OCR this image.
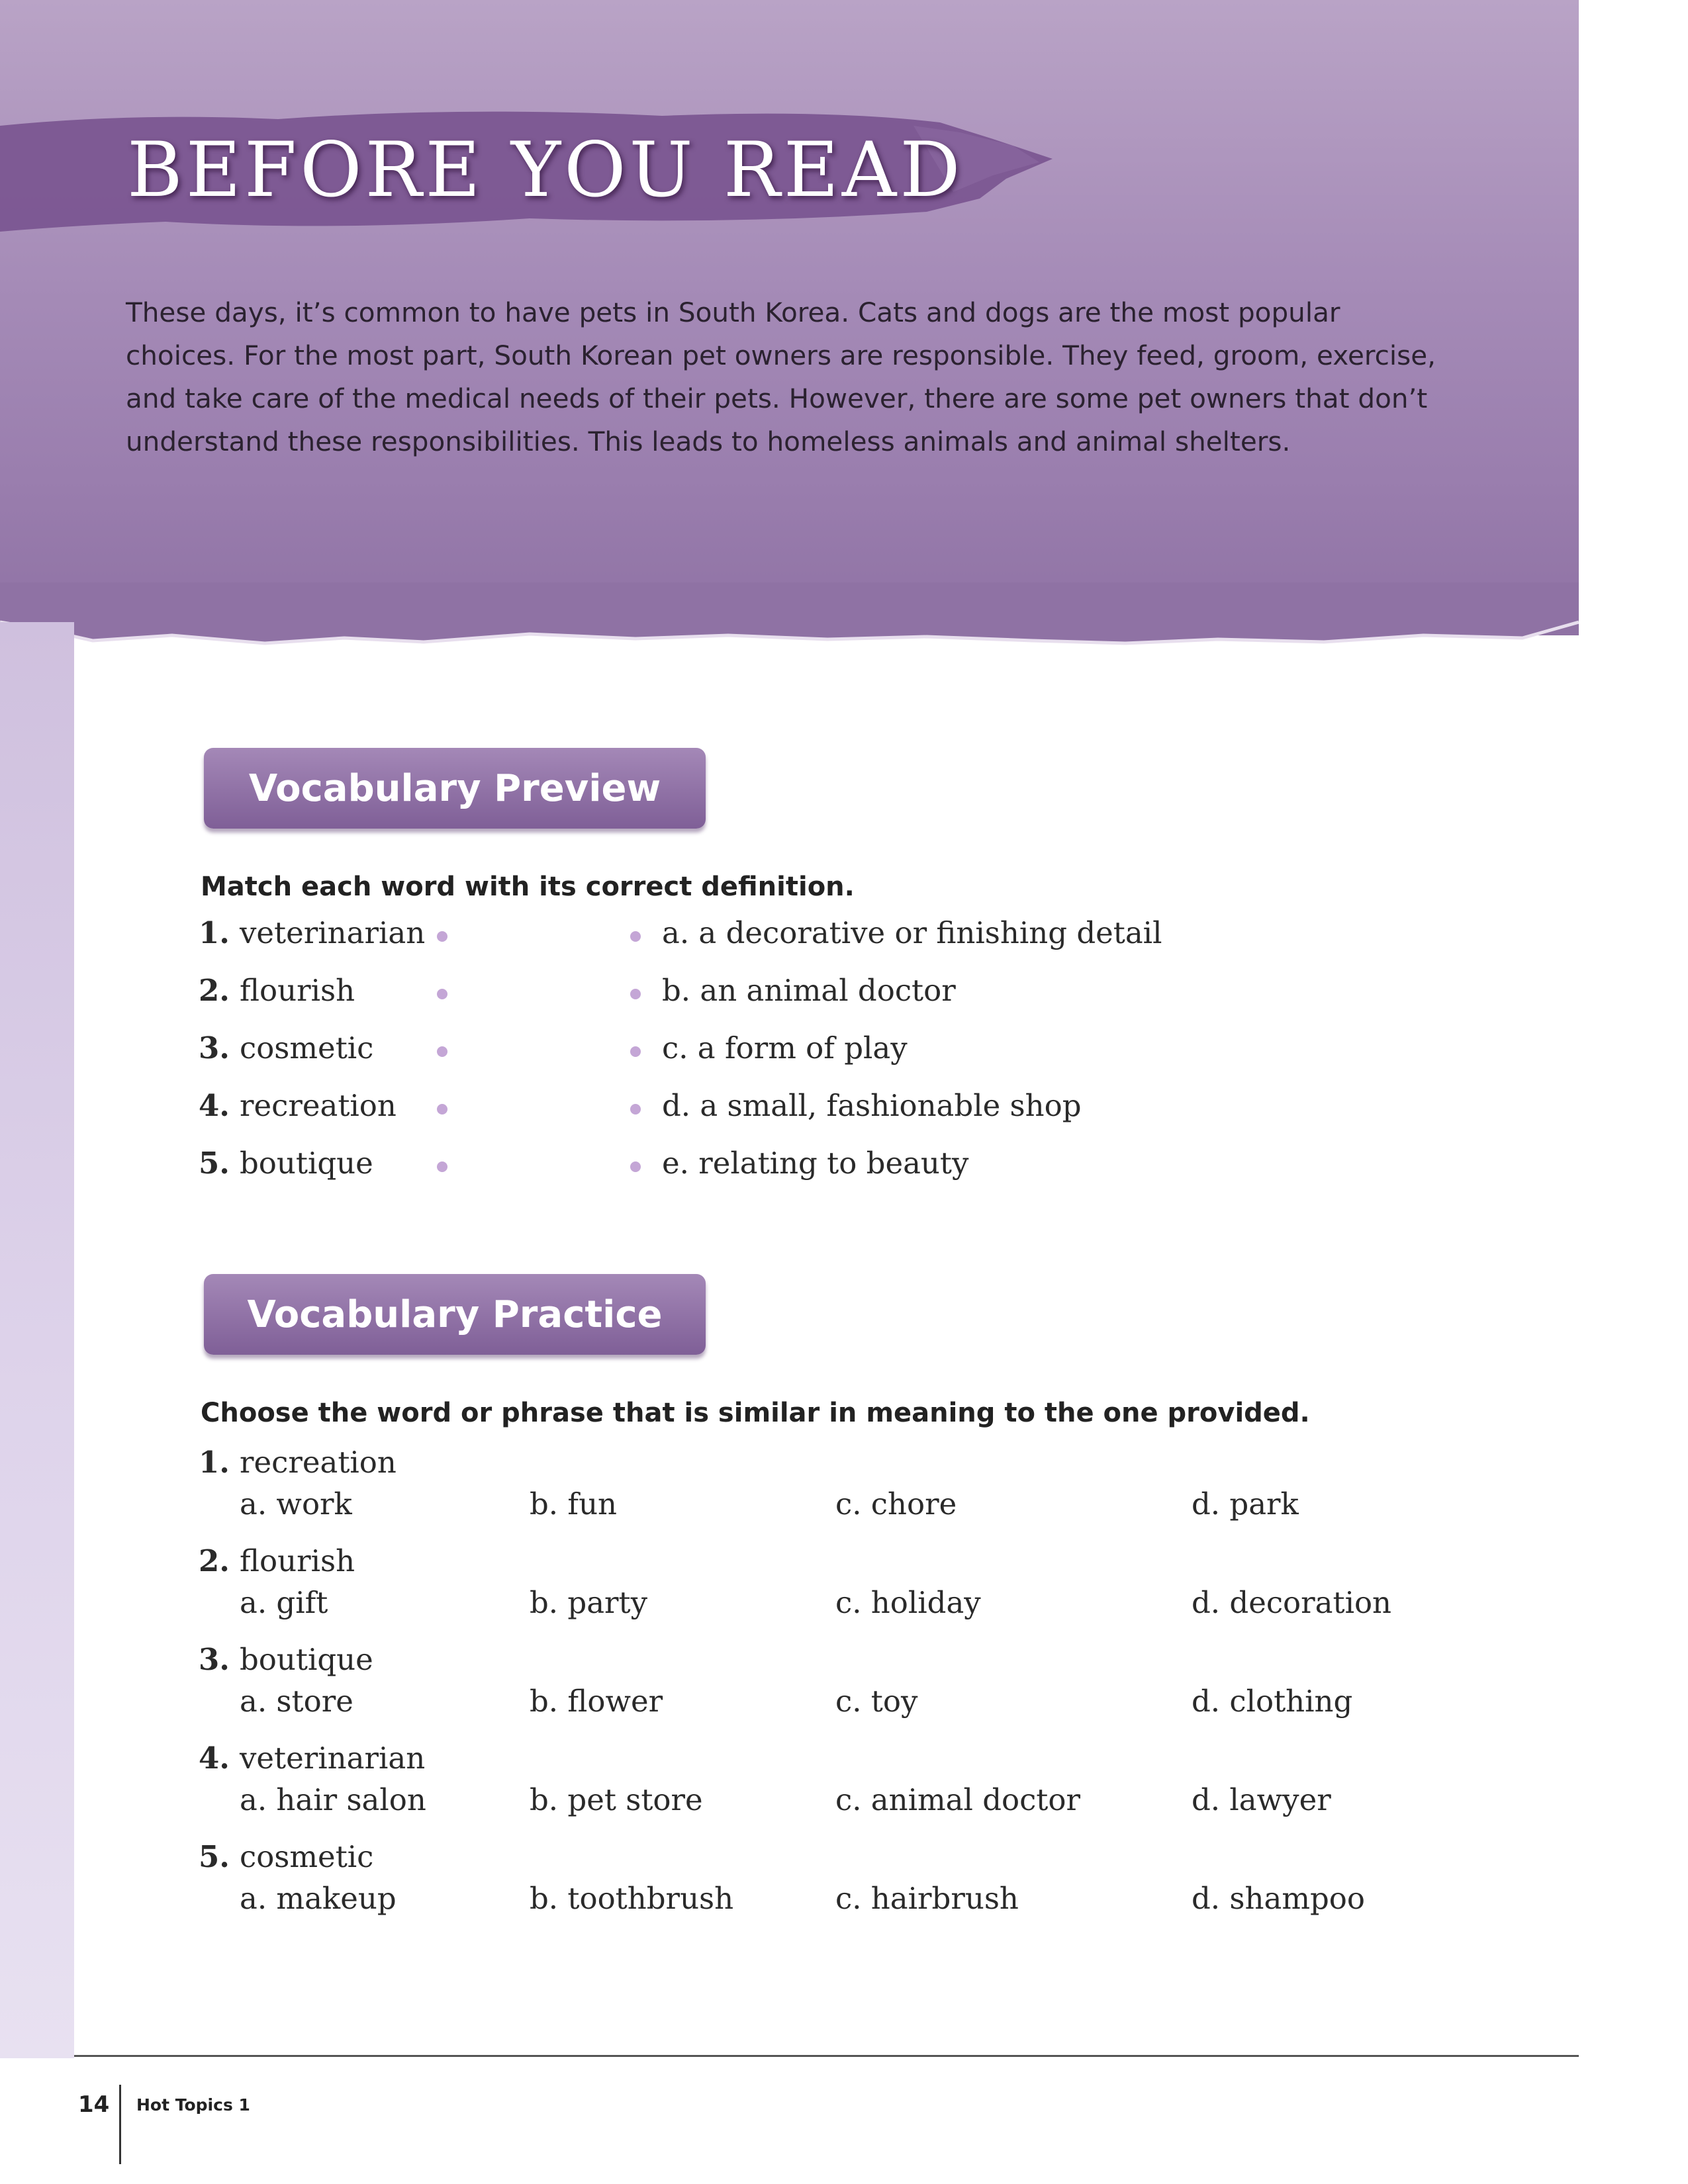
BEFORE YOU READ

These days, it’s common to have pets in South Korea. Cats and dogs are the most popular choices. For the most part, South Korean pet owners are responsible. They feed, groom, exercise, and take care of the medical needs of their pets. However, there are some pet owners that don’t understand these responsibilities. This leads to homeless animals and animal shelters.

Vocabulary Preview

Match each word with its correct definition.

1. veterinarian	a. a decorative or finishing detail
2. flourish	b. an animal doctor
3. cosmetic	c. a form of play
4. recreation	d. a small, fashionable shop
5. boutique	e. relating to beauty
Vocabulary Practice

Choose the word or phrase that is similar in meaning to the one provided.

1. recreation
a. work	b. fun	c. chore	d. park
2. flourish
a. gift	b. party	c. holiday	d. decoration
3. boutique
a. store	b. flower	c. toy	d. clothing
4. veterinarian
a. hair salon	b. pet store	c. animal doctor	d. lawyer
5. cosmetic
a. makeup	b. toothbrush	c. hairbrush	d. shampoo
14 Hot Topics 1
